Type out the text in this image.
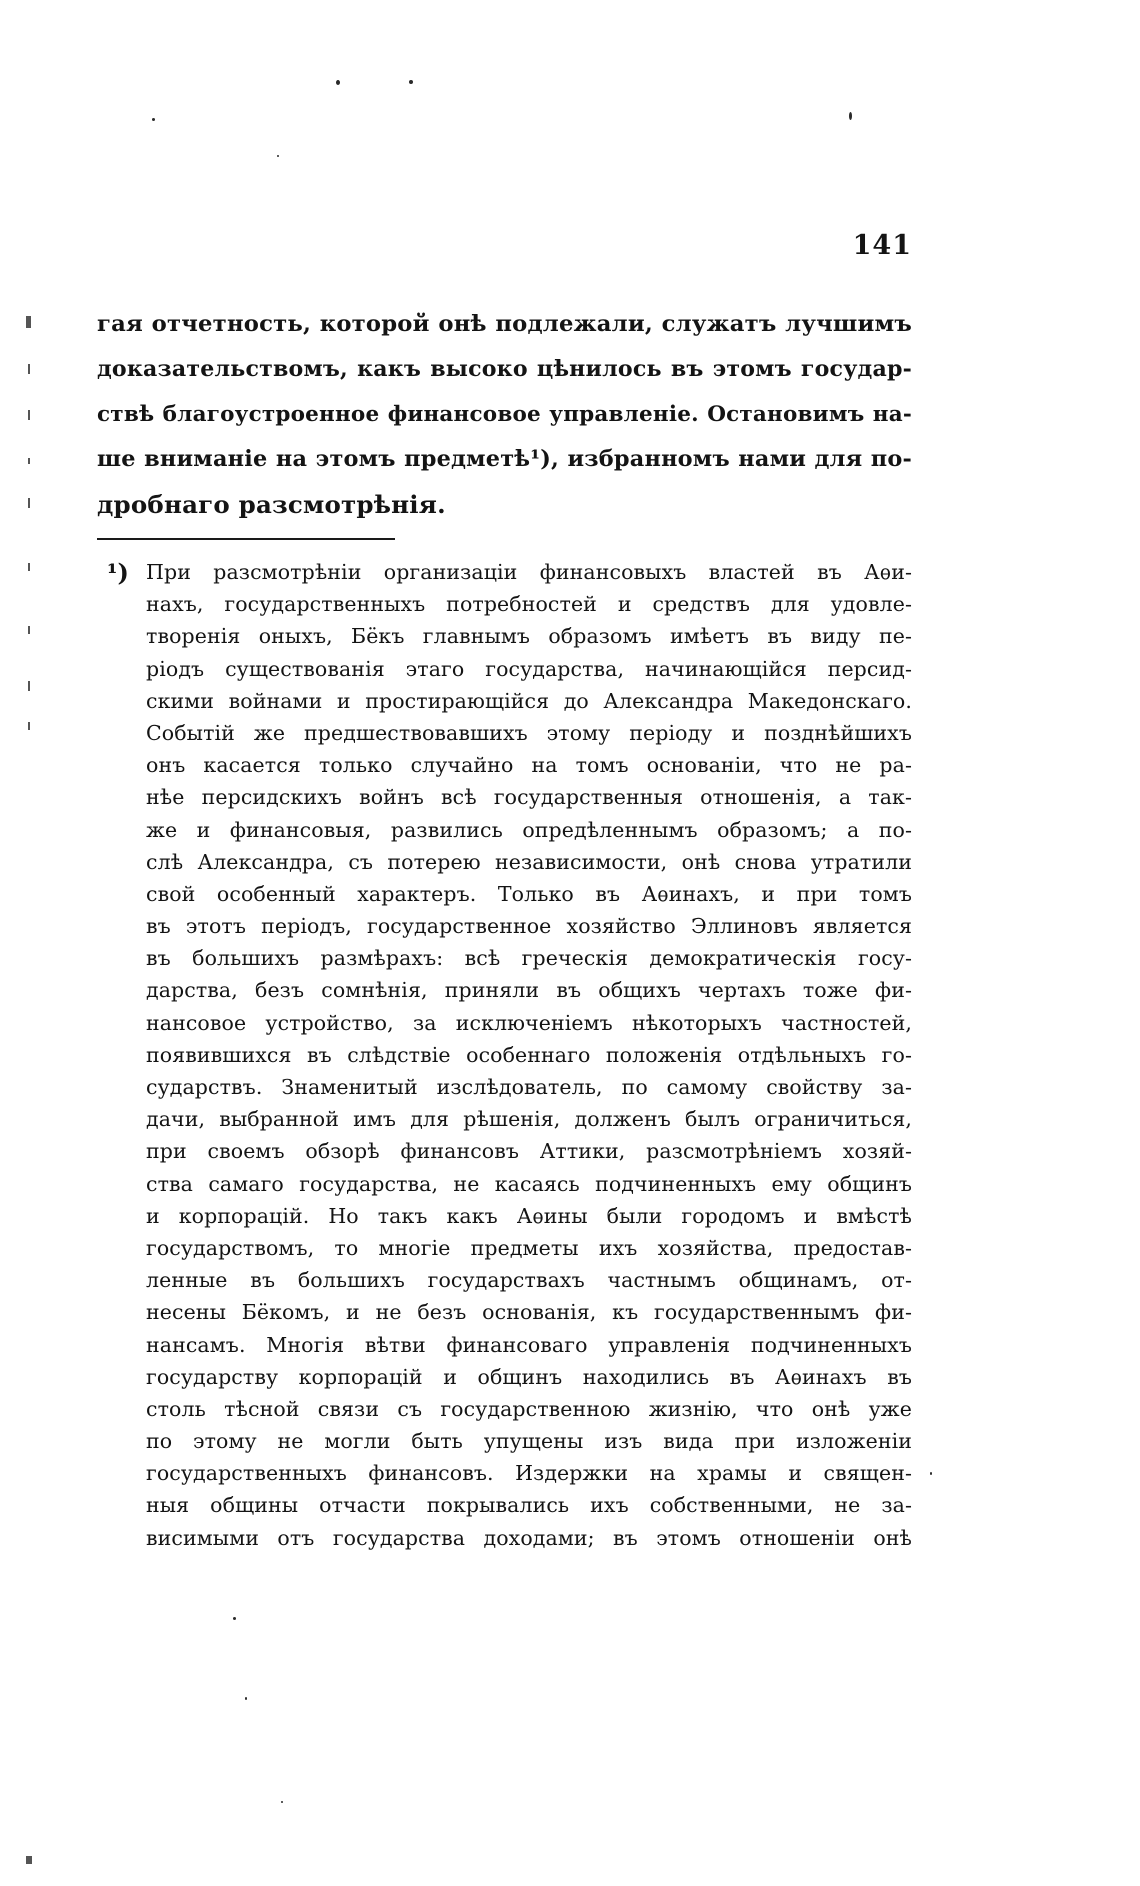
141
гая отчетность, которой онѣ подлежали, служатъ лучшимъ
доказательствомъ, какъ высоко цѣнилось въ этомъ государ-
ствѣ благоустроенное финансовое управленіе. Остановимъ на-
ше вниманіе на этомъ предметѣ¹), избранномъ нами для по-
дробнаго разсмотрѣнія.
¹) При разсмотрѣніи организаціи финансовыхъ властей въ Аѳи-
нахъ, государственныхъ потребностей и средствъ для удовле-
творенія оныхъ, Бёкъ главнымъ образомъ имѣетъ въ виду пе-
ріодъ существованія этаго государства, начинающійся персид-
скими войнами и простирающійся до Александра Македонскаго.
Событій же предшествовавшихъ этому періоду и позднѣйшихъ
онъ касается только случайно на томъ основаніи, что не ра-
нѣе персидскихъ войнъ всѣ государственныя отношенія, а так-
же и финансовыя, развились опредѣленнымъ образомъ; а по-
слѣ Александра, съ потерею независимости, онѣ снова утратили
свой особенный характеръ. Только въ Аѳинахъ, и при томъ
въ этотъ періодъ, государственное хозяйство Эллиновъ является
въ большихъ размѣрахъ: всѣ греческія демократическія госу-
дарства, безъ сомнѣнія, приняли въ общихъ чертахъ тоже фи-
нансовое устройство, за исключеніемъ нѣкоторыхъ частностей,
появившихся въ слѣдствіе особеннаго положенія отдѣльныхъ го-
сударствъ. Знаменитый изслѣдователь, по самому свойству за-
дачи, выбранной имъ для рѣшенія, долженъ былъ ограничиться,
при своемъ обзорѣ финансовъ Аттики, разсмотрѣніемъ хозяй-
ства самаго государства, не касаясь подчиненныхъ ему общинъ
и корпорацій. Но такъ какъ Аѳины были городомъ и вмѣстѣ
государствомъ, то многіе предметы ихъ хозяйства, предостав-
ленные въ большихъ государствахъ частнымъ общинамъ, от-
несены Бёкомъ, и не безъ основанія, къ государственнымъ фи-
нансамъ. Многія вѣтви финансоваго управленія подчиненныхъ
государству корпорацій и общинъ находились въ Аѳинахъ въ
столь тѣсной связи съ государственною жизнію, что онѣ уже
по этому не могли быть упущены изъ вида при изложеніи
государственныхъ финансовъ. Издержки на храмы и священ-
ныя общины отчасти покрывались ихъ собственными, не за-
висимыми отъ государства доходами; въ этомъ отношеніи онѣ
